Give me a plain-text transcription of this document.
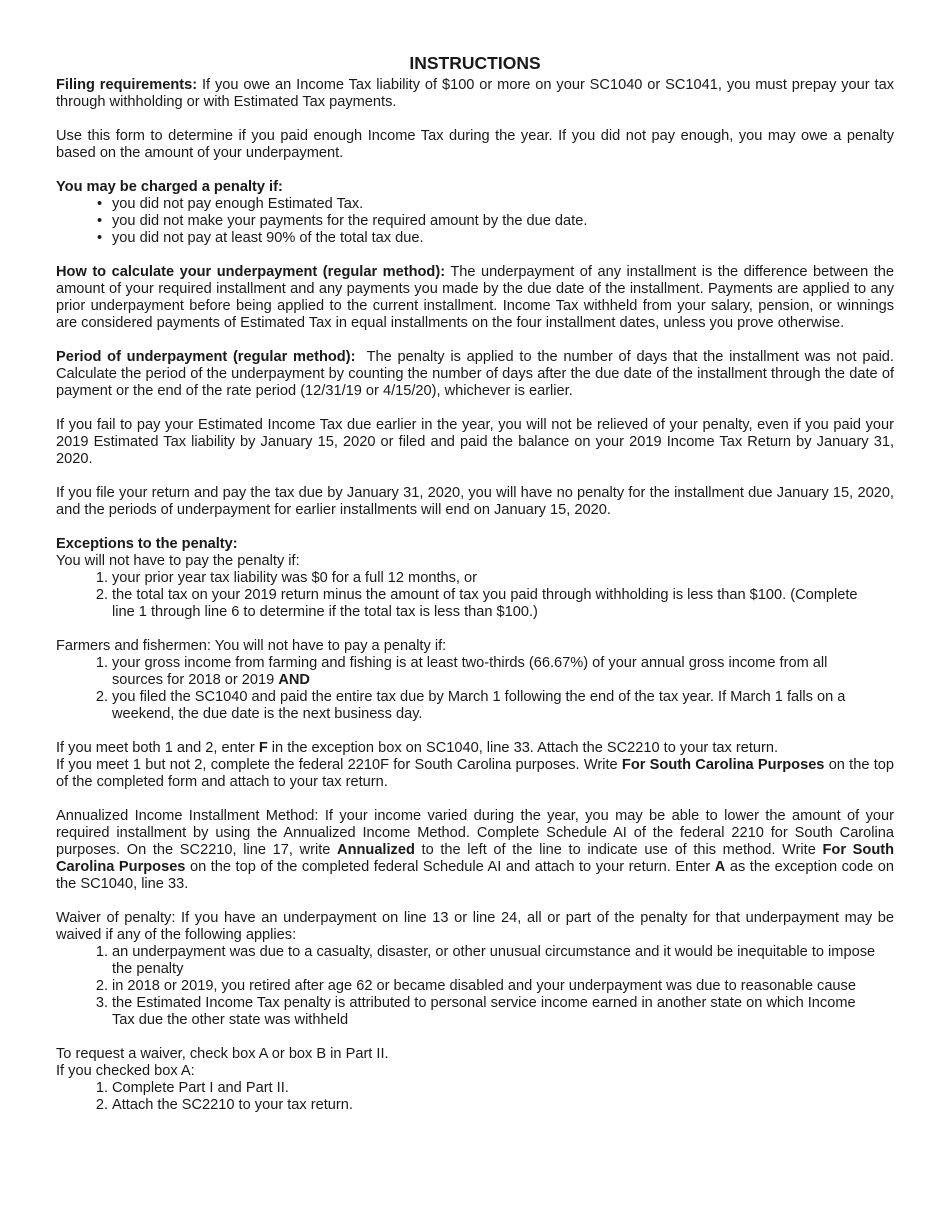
INSTRUCTIONS

Filing requirements: If you owe an Income Tax liability of $100 or more on your SC1040 or SC1041, you must prepay your tax through withholding or with Estimated Tax payments.

Use this form to determine if you paid enough Income Tax during the year. If you did not pay enough, you may owe a penalty based on the amount of your underpayment.

You may be charged a penalty if:

• you did not pay enough Estimated Tax.
• you did not make your payments for the required amount by the due date.
• you did not pay at least 90% of the total tax due.

How to calculate your underpayment (regular method): The underpayment of any installment is the difference between the amount of your required installment and any payments you made by the due date of the installment. Payments are applied to any prior underpayment before being applied to the current installment. Income Tax withheld from your salary, pension, or winnings are considered payments of Estimated Tax in equal installments on the four installment dates, unless you prove otherwise.

Period of underpayment (regular method):  The penalty is applied to the number of days that the installment was not paid. Calculate the period of the underpayment by counting the number of days after the due date of the installment through the date of payment or the end of the rate period (12/31/19 or 4/15/20), whichever is earlier.

If you fail to pay your Estimated Income Tax due earlier in the year, you will not be relieved of your penalty, even if you paid your 2019 Estimated Tax liability by January 15, 2020 or filed and paid the balance on your 2019 Income Tax Return by January 31, 2020.

If you file your return and pay the tax due by January 31, 2020, you will have no penalty for the installment due January 15, 2020, and the periods of underpayment for earlier installments will end on January 15, 2020.

Exceptions to the penalty:

You will not have to pay the penalty if:

1. your prior year tax liability was $0 for a full 12 months, or
2. the total tax on your 2019 return minus the amount of tax you paid through withholding is less than $100. (Complete line 1 through line 6 to determine if the total tax is less than $100.)

Farmers and fishermen: You will not have to pay a penalty if:

1. your gross income from farming and fishing is at least two-thirds (66.67%) of your annual gross income from all sources for 2018 or 2019 AND
2. you filed the SC1040 and paid the entire tax due by March 1 following the end of the tax year. If March 1 falls on a weekend, the due date is the next business day.

If you meet both 1 and 2, enter F in the exception box on SC1040, line 33. Attach the SC2210 to your tax return.

If you meet 1 but not 2, complete the federal 2210F for South Carolina purposes. Write For South Carolina Purposes on the top of the completed form and attach to your tax return.

Annualized Income Installment Method: If your income varied during the year, you may be able to lower the amount of your required installment by using the Annualized Income Method. Complete Schedule AI of the federal 2210 for South Carolina purposes. On the SC2210, line 17, write Annualized to the left of the line to indicate use of this method. Write For South Carolina Purposes on the top of the completed federal Schedule AI and attach to your return. Enter A as the exception code on the SC1040, line 33.

Waiver of penalty: If you have an underpayment on line 13 or line 24, all or part of the penalty for that underpayment may be waived if any of the following applies:

1. an underpayment was due to a casualty, disaster, or other unusual circumstance and it would be inequitable to impose the penalty
2. in 2018 or 2019, you retired after age 62 or became disabled and your underpayment was due to reasonable cause
3. the Estimated Income Tax penalty is attributed to personal service income earned in another state on which Income Tax due the other state was withheld

To request a waiver, check box A or box B in Part II.

If you checked box A:

1. Complete Part I and Part II.
2. Attach the SC2210 to your tax return.
